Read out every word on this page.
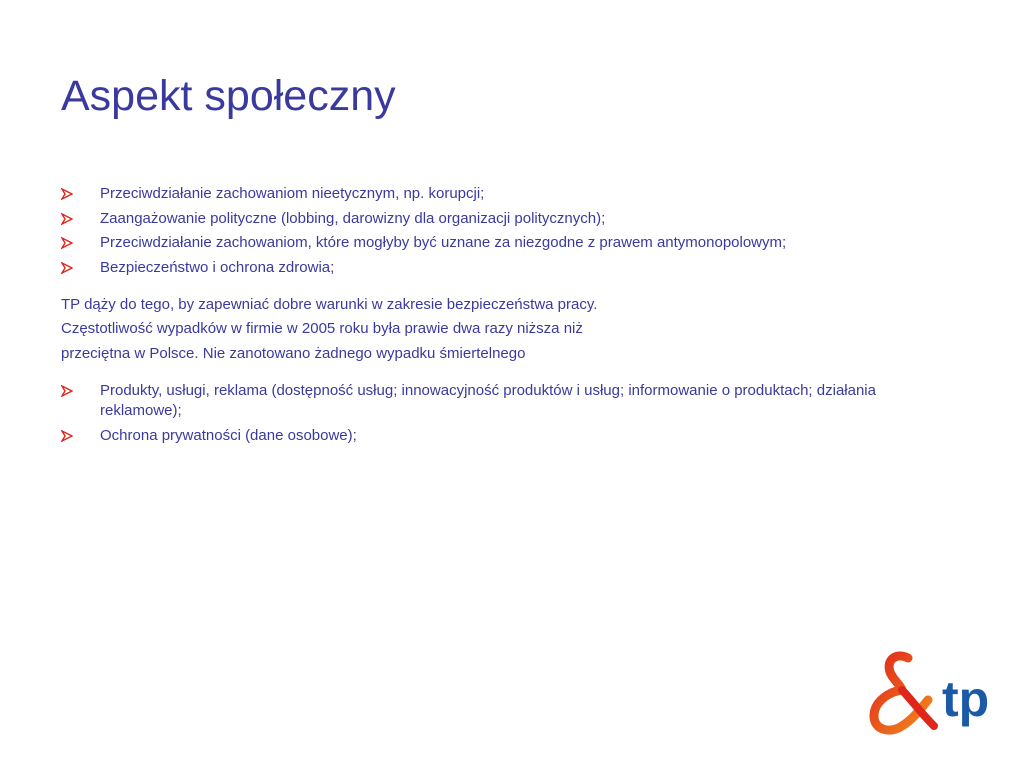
Aspekt społeczny
Przeciwdziałanie zachowaniom nieetycznym, np. korupcji;
Zaangażowanie polityczne (lobbing, darowizny dla organizacji politycznych);
Przeciwdziałanie zachowaniom, które mogłyby być uznane za niezgodne z prawem antymonopolowym;
Bezpieczeństwo i ochrona zdrowia;

TP dąży do tego, by zapewniać dobre warunki w zakresie bezpieczeństwa pracy.

Częstotliwość wypadków w firmie w 2005 roku była prawie dwa razy niższa niż

przeciętna w Polsce. Nie zanotowano żadnego wypadku śmiertelnego

Produkty, usługi, reklama (dostępność usług; innowacyjność produktów i usług; informowanie o produktach; działania reklamowe);
Ochrona prywatności (dane osobowe);
tp
